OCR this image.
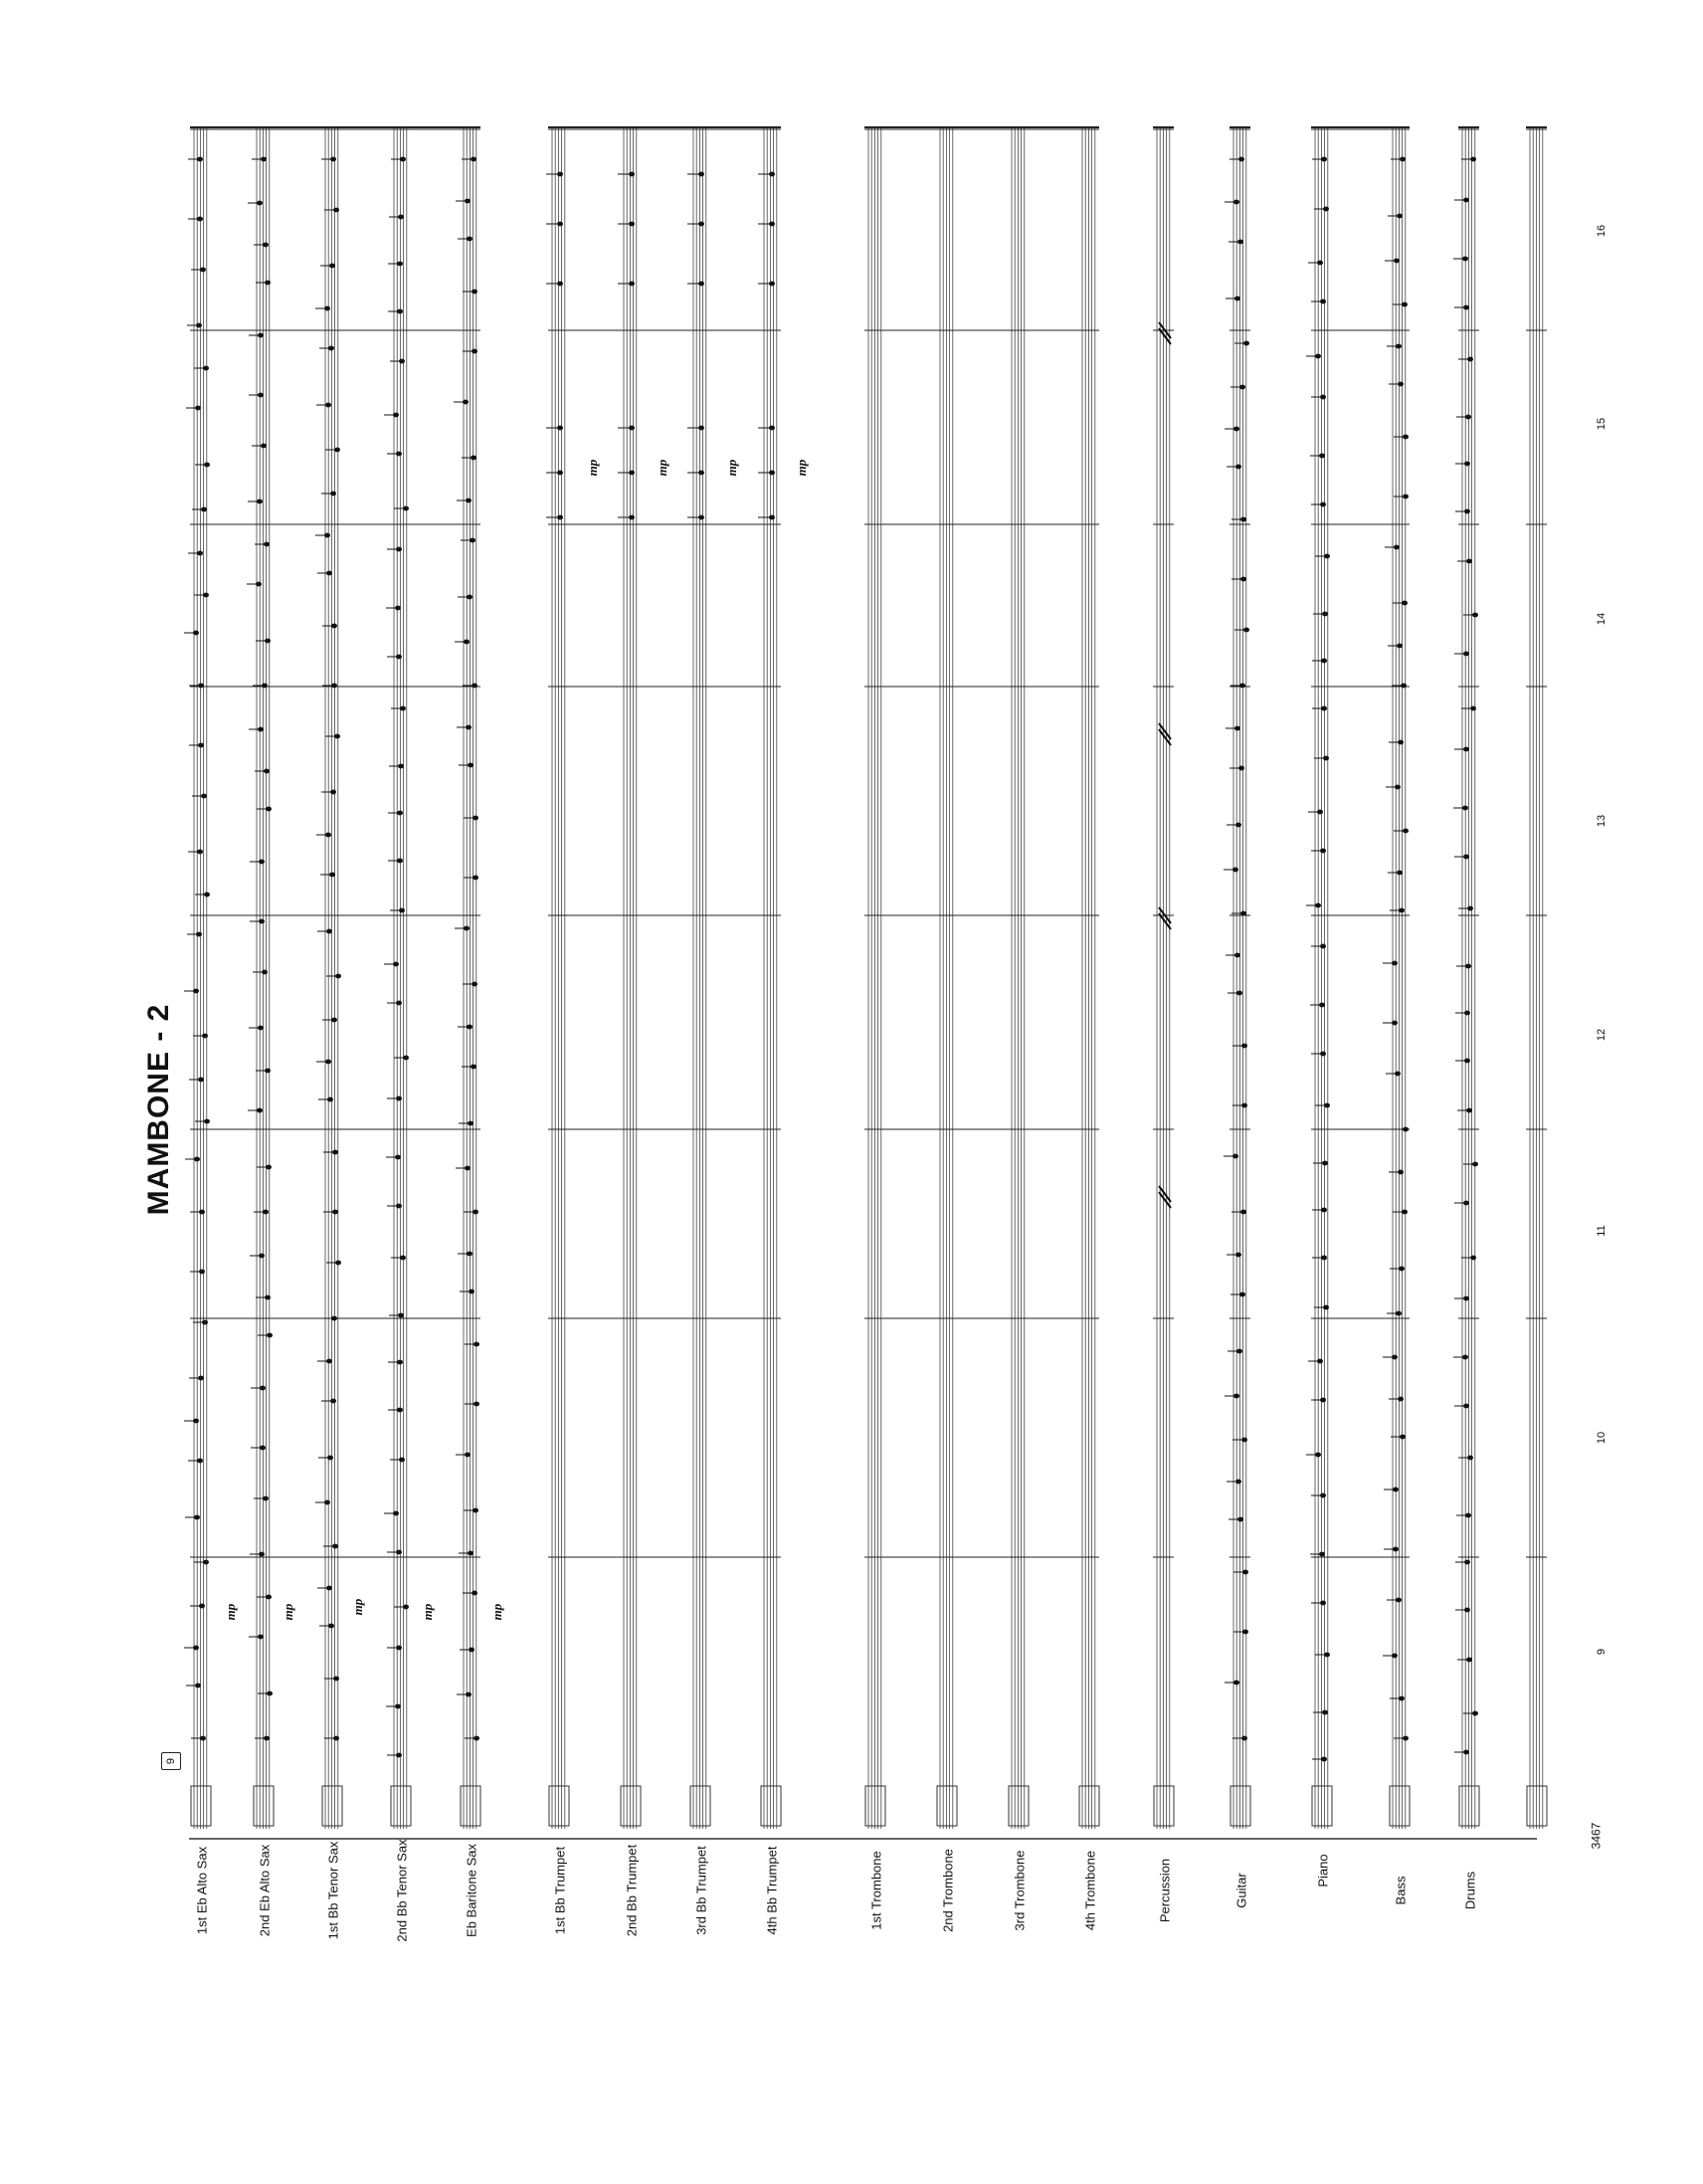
MAMBONE - 2
9
1st Eb Alto Sax	2nd Eb Alto Sax	1st Bb Tenor Sax	2nd Bb Tenor Sax	Eb Baritone Sax	1st Bb Trumpet	2nd Bb Trumpet	3rd Bb Trumpet	4th Bb Trumpet	1st Trombone	2nd Trombone	3rd Trombone	4th Trombone	Percussion	Guitar
Piano
Bass	Drums
9
10
11
12
13
14
15
16
mp	mp	mp	mp	mp
mp	mp	mp	mp
3467
